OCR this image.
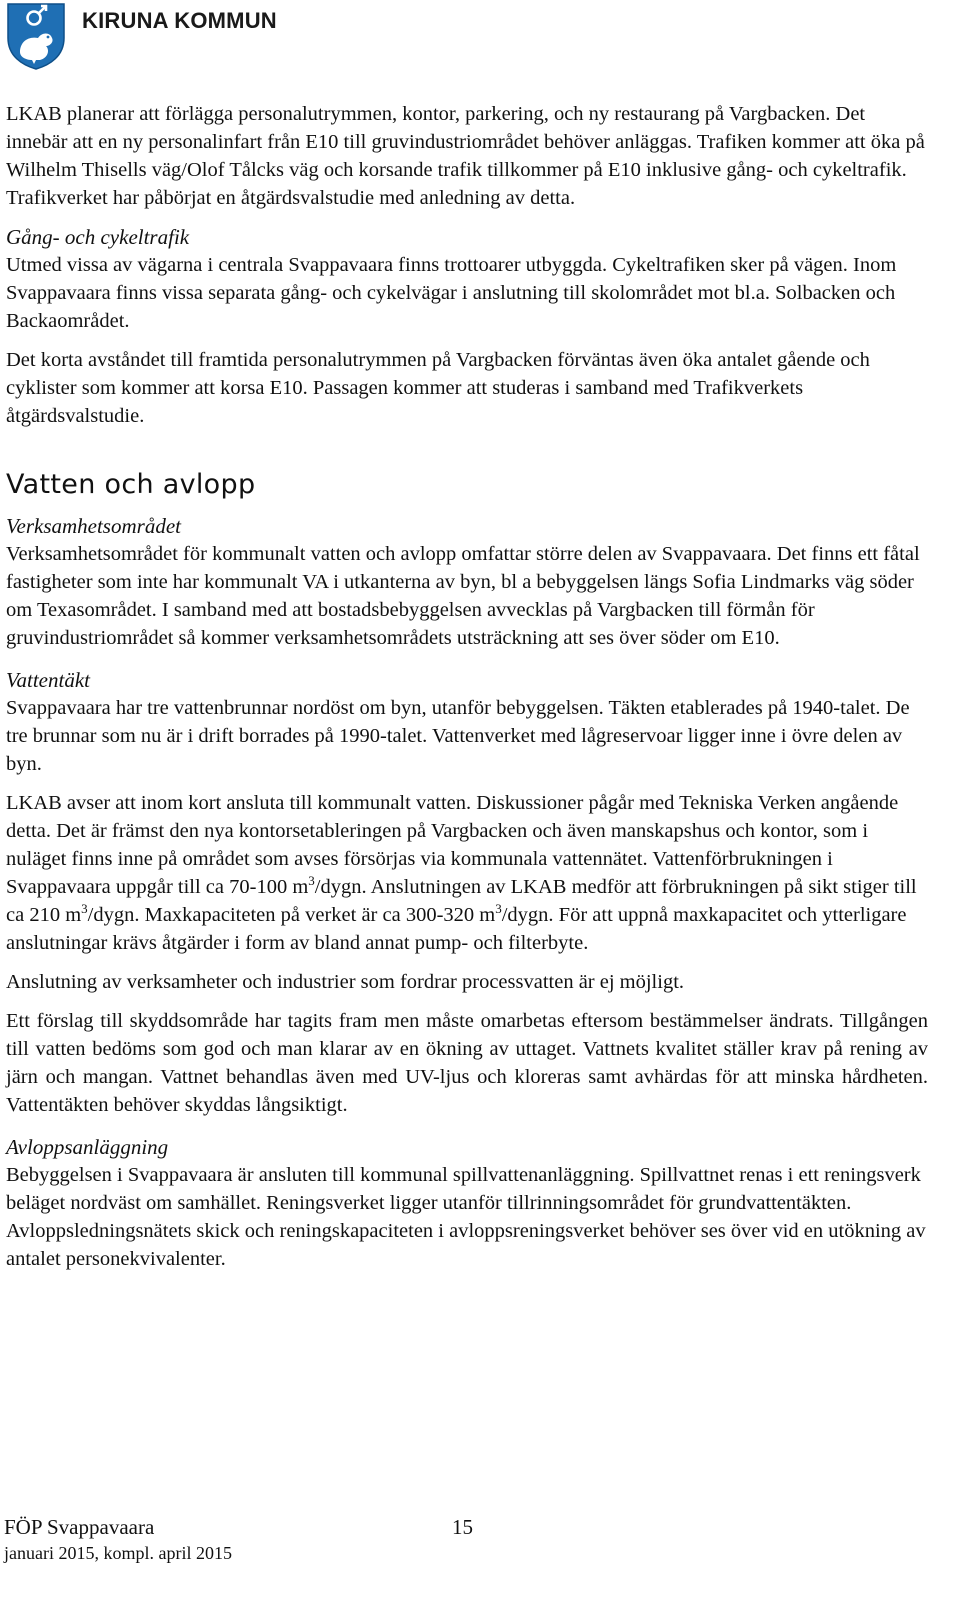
KIRUNA KOMMUN

LKAB planerar att förlägga personalutrymmen, kontor, parkering, och ny restaurang på Vargbacken. Det innebär att en ny personalinfart från E10 till gruvindustriområdet behöver anläggas. Trafiken kommer att öka på Wilhelm Thisells väg/Olof Tålcks väg och korsande trafik tillkommer på E10 inklusive gång- och cykeltrafik. Trafikverket har påbörjat en åtgärdsvalstudie med anledning av detta.

Gång- och cykeltrafik

Utmed vissa av vägarna i centrala Svappavaara finns trottoarer utbyggda. Cykeltrafiken sker på vägen. Inom Svappavaara finns vissa separata gång- och cykelvägar i anslutning till skolområdet mot bl.a. Solbacken och Backaområdet.

Det korta avståndet till framtida personalutrymmen på Vargbacken förväntas även öka antalet gående och cyklister som kommer att korsa E10. Passagen kommer att studeras i samband med Trafikverkets åtgärdsvalstudie.

Vatten och avlopp
Verksamhetsområdet

Verksamhetsområdet för kommunalt vatten och avlopp omfattar större delen av Svappavaara. Det finns ett fåtal fastigheter som inte har kommunalt VA i utkanterna av byn, bl a bebyggelsen längs Sofia Lindmarks väg söder om Texasområdet. I samband med att bostadsbebyggelsen avvecklas på Vargbacken till förmån för gruvindustriområdet så kommer verksamhetsområdets utsträckning att ses över söder om E10.

Vattentäkt

Svappavaara har tre vattenbrunnar nordöst om byn, utanför bebyggelsen. Täkten etablerades på 1940-talet. De tre brunnar som nu är i drift borrades på 1990-talet. Vattenverket med lågreservoar ligger inne i övre delen av byn.

LKAB avser att inom kort ansluta till kommunalt vatten. Diskussioner pågår med Tekniska Verken angående detta. Det är främst den nya kontorsetableringen på Vargbacken och även manskapshus och kontor, som i nuläget finns inne på området som avses försörjas via kommunala vattennätet. Vattenförbrukningen i Svappavaara uppgår till ca 70-100 $m^3$/dygn. Anslutningen av LKAB medför att förbrukningen på sikt stiger till ca 210 $m^3$/dygn. Maxkapaciteten på verket är ca 300-320 $m^3$/dygn. För att uppnå maxkapacitet och ytterligare anslutningar krävs åtgärder i form av bland annat pump- och filterbyte.

Anslutning av verksamheter och industrier som fordrar processvatten är ej möjligt.

Ett förslag till skyddsområde har tagits fram men måste omarbetas eftersom bestämmelser ändrats. Tillgången till vatten bedöms som god och man klarar av en ökning av uttaget. Vattnets kvalitet ställer krav på rening av järn och mangan. Vattnet behandlas även med UV-ljus och kloreras samt avhärdas för att minska hårdheten. Vattentäkten behöver skyddas långsiktigt.

Avloppsanläggning

Bebyggelsen i Svappavaara är ansluten till kommunal spillvattenanläggning. Spillvattnet renas i ett reningsverk beläget nordväst om samhället. Reningsverket ligger utanför tillrinningsområdet för grundvattentäkten. Avloppsledningsnätets skick och reningskapaciteten i avloppsreningsverket behöver ses över vid en utökning av antalet personekvivalenter.

FÖP Svappavaara	15
januari 2015, kompl. april 2015
